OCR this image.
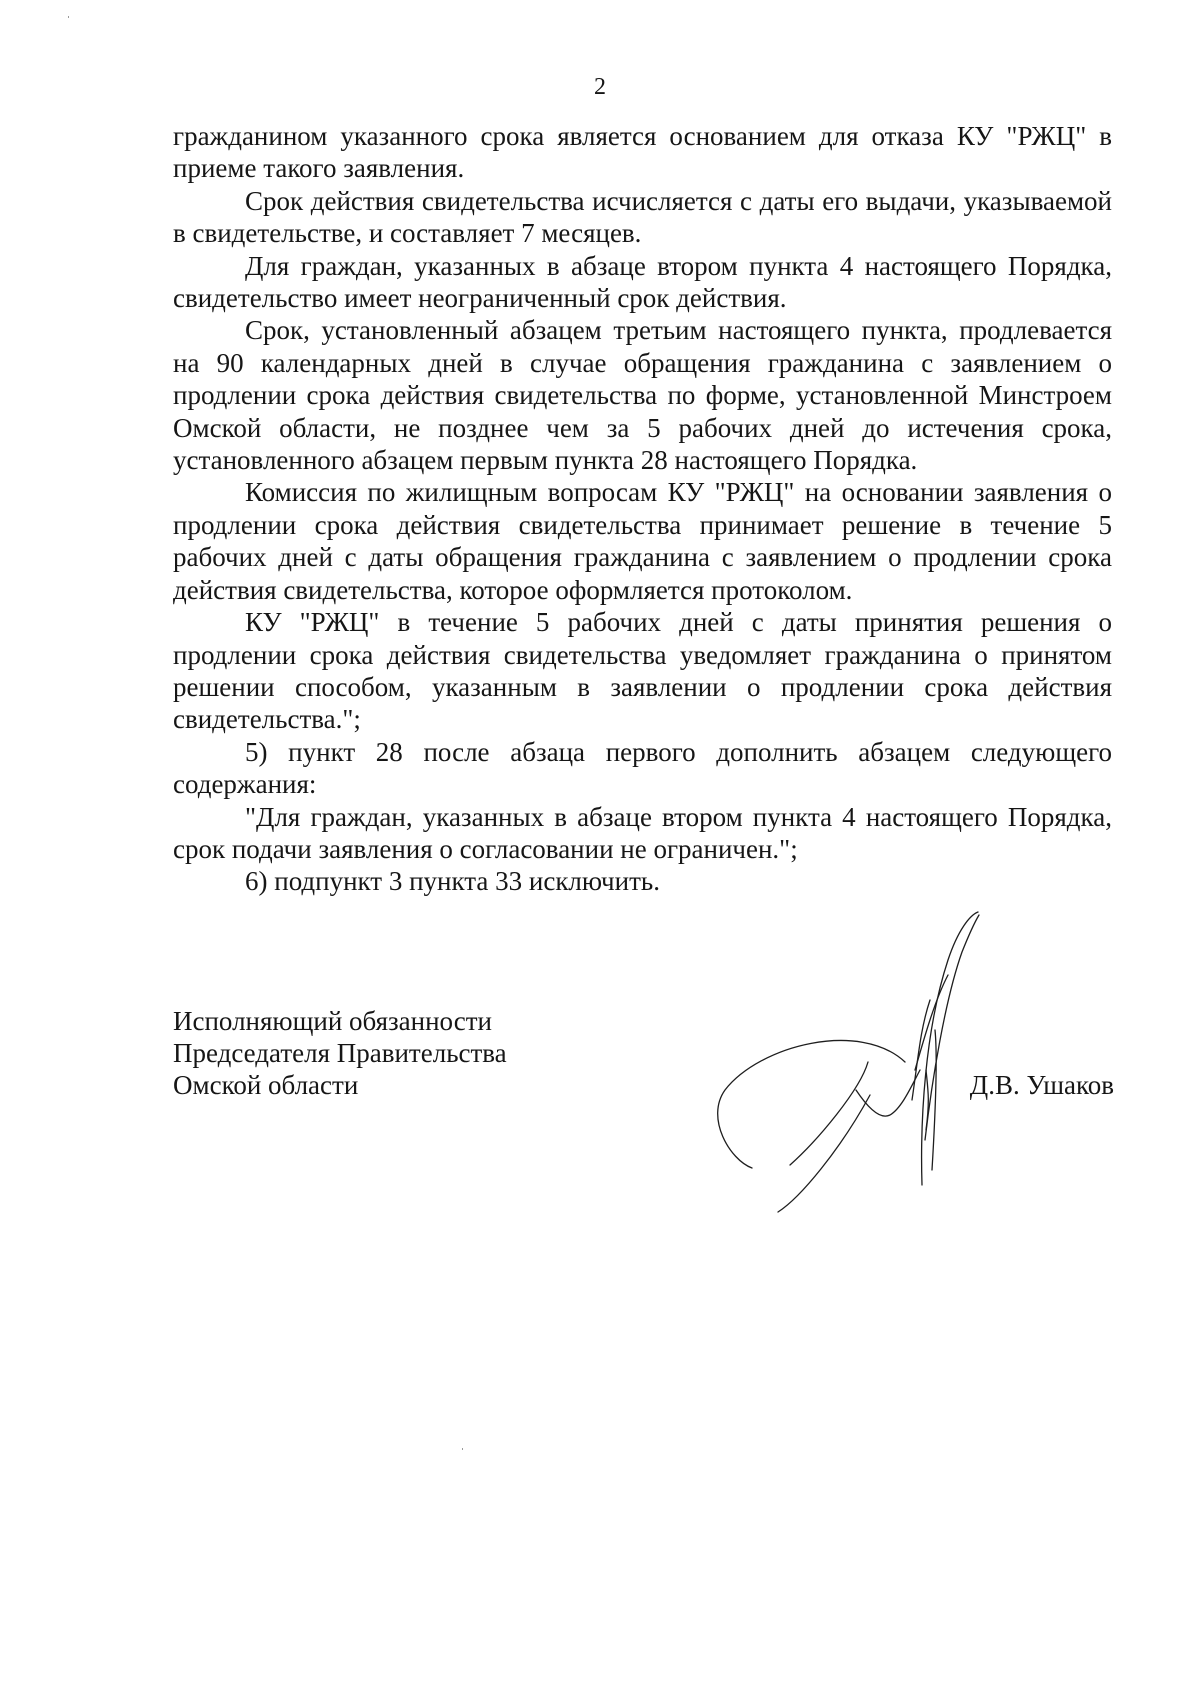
2

гражданином указанного срока является основанием для отказа КУ "РЖЦ" в приеме такого заявления.

Срок действия свидетельства исчисляется с даты его выдачи, указываемой в свидетельстве, и составляет 7 месяцев.

Для граждан, указанных в абзаце втором пункта 4 настоящего Порядка, свидетельство имеет неограниченный срок действия.

Срок, установленный абзацем третьим настоящего пункта, продлевается на 90 календарных дней в случае обращения гражданина с заявлением о продлении срока действия свидетельства по форме, установленной Минстроем Омской области, не позднее чем за 5 рабочих дней до истечения срока, установленного абзацем первым пункта 28 настоящего Порядка.

Комиссия по жилищным вопросам КУ "РЖЦ" на основании заявления о продлении срока действия свидетельства принимает решение в течение 5 рабочих дней с даты обращения гражданина с заявлением о продлении срока действия свидетельства, которое оформляется протоколом.

КУ "РЖЦ" в течение 5 рабочих дней с даты принятия решения о продлении срока действия свидетельства уведомляет гражданина о принятом решении способом, указанным в заявлении о продлении срока действия свидетельства.";

5) пункт 28 после абзаца первого дополнить абзацем следующего содержания:

"Для граждан, указанных в абзаце втором пункта 4 настоящего Порядка, срок подачи заявления о согласовании не ограничен.";

6) подпункт 3 пункта 33 исключить.

Исполняющий обязанности
Председателя Правительства
Омской области	Д.В. Ушаков
